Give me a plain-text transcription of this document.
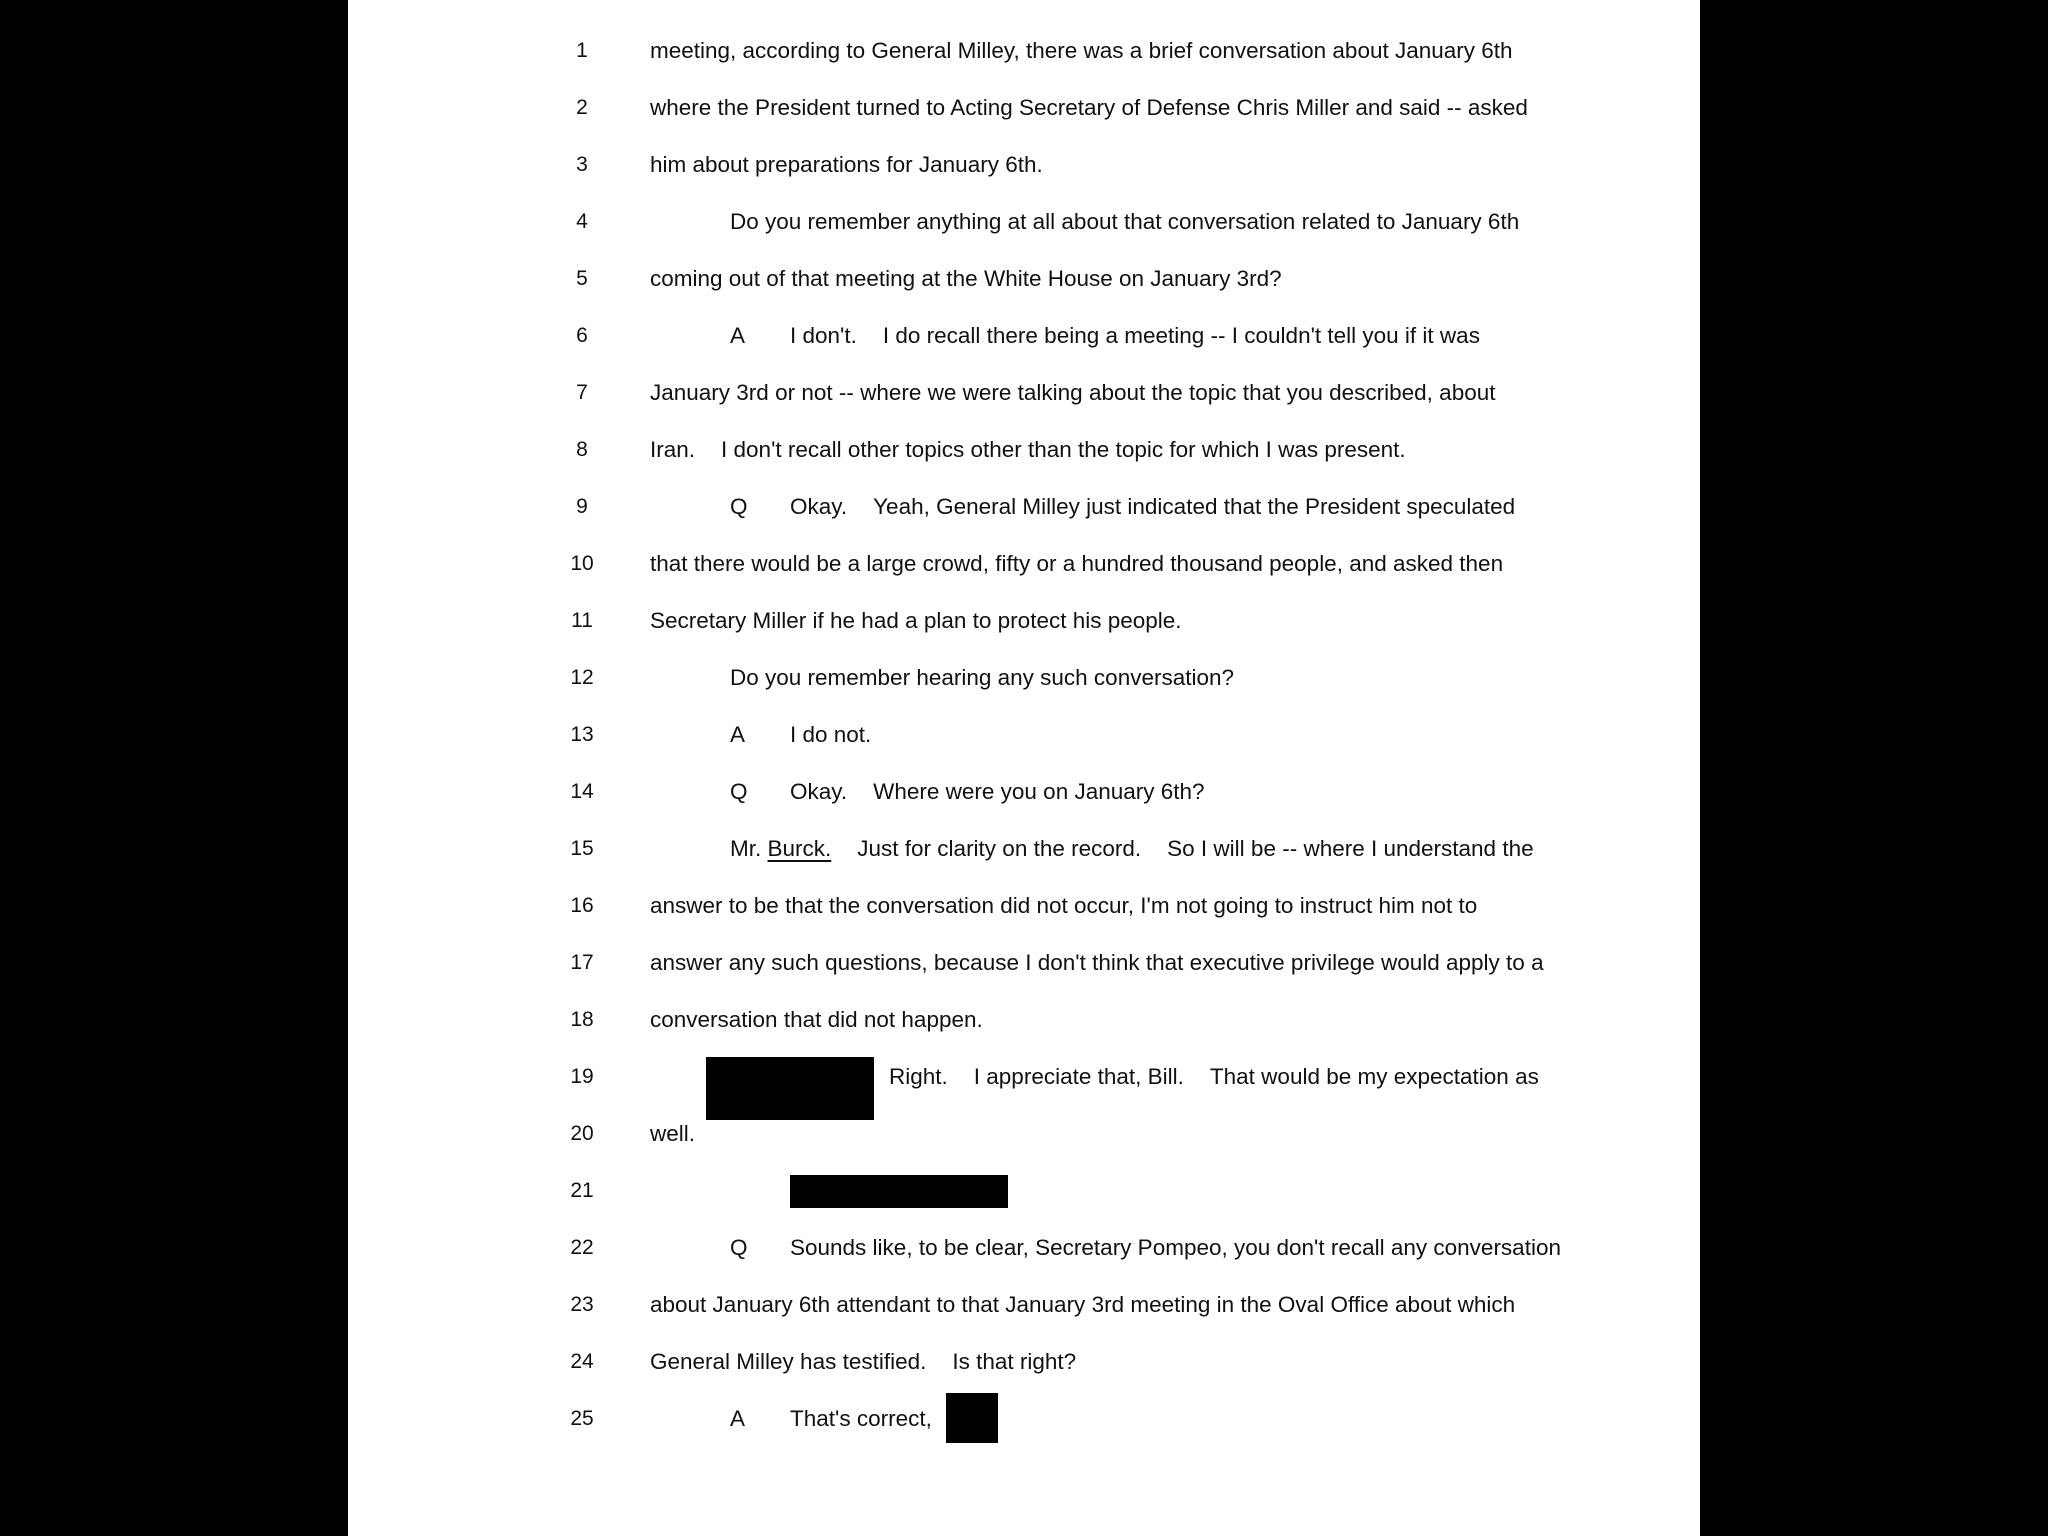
1	meeting, according to General Milley, there was a brief conversation about January 6th
2	where the President turned to Acting Secretary of Defense Chris Miller and said -- asked
3	him about preparations for January 6th.
4	Do you remember anything at all about that conversation related to January 6th
5	coming out of that meeting at the White House on January 3rd?
6	A I don't. I do recall there being a meeting -- I couldn't tell you if it was
7	January 3rd or not -- where we were talking about the topic that you described, about
8	Iran. I don't recall other topics other than the topic for which I was present.
9	Q Okay. Yeah, General Milley just indicated that the President speculated
10	that there would be a large crowd, fifty or a hundred thousand people, and asked then
11	Secretary Miller if he had a plan to protect his people.
12	Do you remember hearing any such conversation?
13	A I do not.
14	Q Okay. Where were you on January 6th?
15	Mr. Burck. Just for clarity on the record. So I will be -- where I understand the
16	answer to be that the conversation did not occur, I'm not going to instruct him not to
17	answer any such questions, because I don't think that executive privilege would apply to a
18	conversation that did not happen.
19	Right. I appreciate that, Bill. That would be my expectation as
20	well.
21
22	Q Sounds like, to be clear, Secretary Pompeo, you don't recall any conversation
23	about January 6th attendant to that January 3rd meeting in the Oval Office about which
24	General Milley has testified. Is that right?
25	A That's correct,
